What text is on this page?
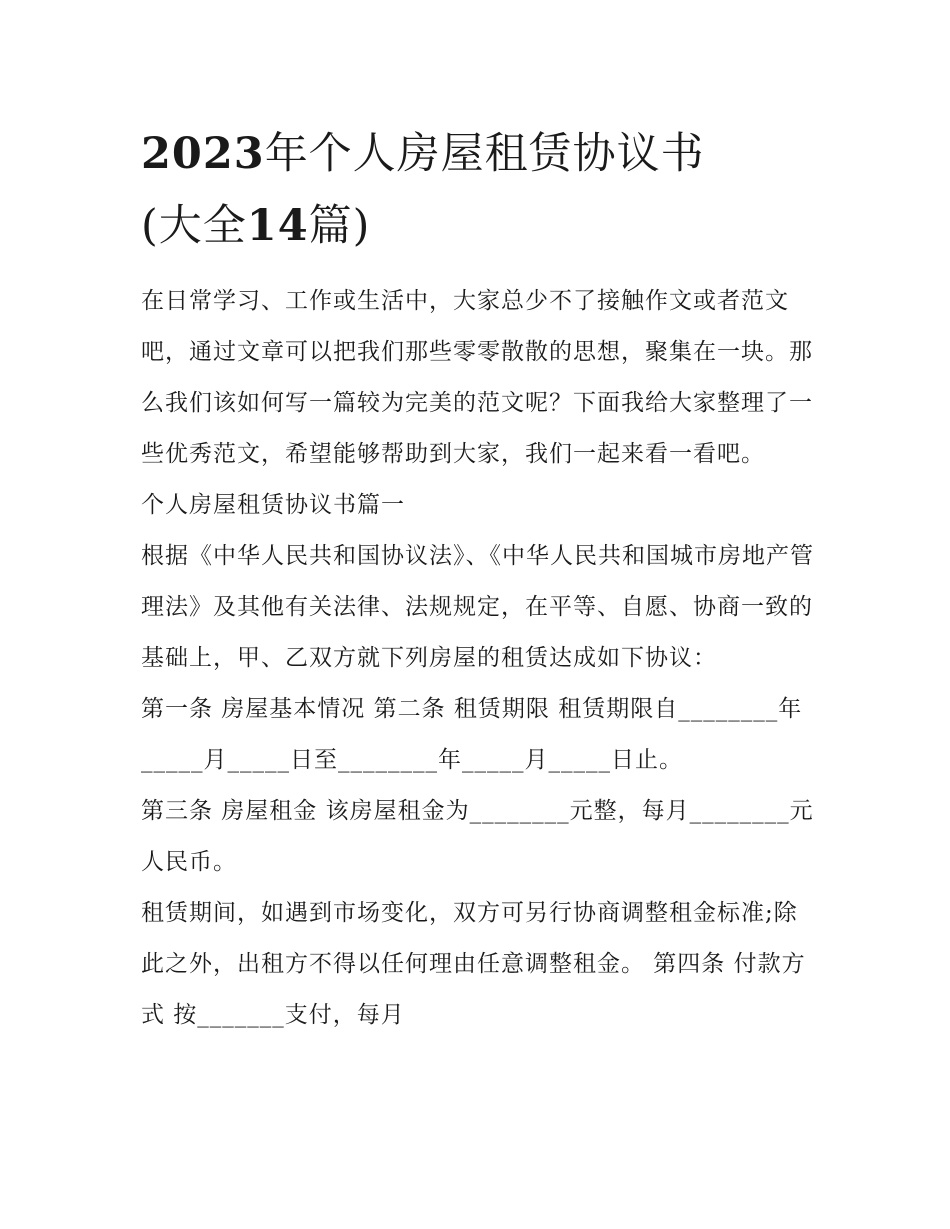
2023年个人房屋租赁协议书
(大全14篇)

在日常学习、工作或生活中，大家总少不了接触作文或者范文吧，通过文章可以把我们那些零零散散的思想，聚集在一块。那么我们该如何写一篇较为完美的范文呢？下面我给大家整理了一些优秀范文，希望能够帮助到大家，我们一起来看一看吧。

个人房屋租赁协议书篇一

根据《中华人民共和国协议法》、《中华人民共和国城市房地产管理法》及其他有关法律、法规规定，在平等、自愿、协商一致的基础上，甲、乙双方就下列房屋的租赁达成如下协议：

第一条 房屋基本情况 第二条 租赁期限 租赁期限自________年_____月_____日至________年_____月_____日止。

第三条 房屋租金 该房屋租金为________元整，每月________元人民币。

租赁期间，如遇到市场变化，双方可另行协商调整租金标准;除此之外，出租方不得以任何理由任意调整租金。 第四条 付款方式 按_______支付，每月
